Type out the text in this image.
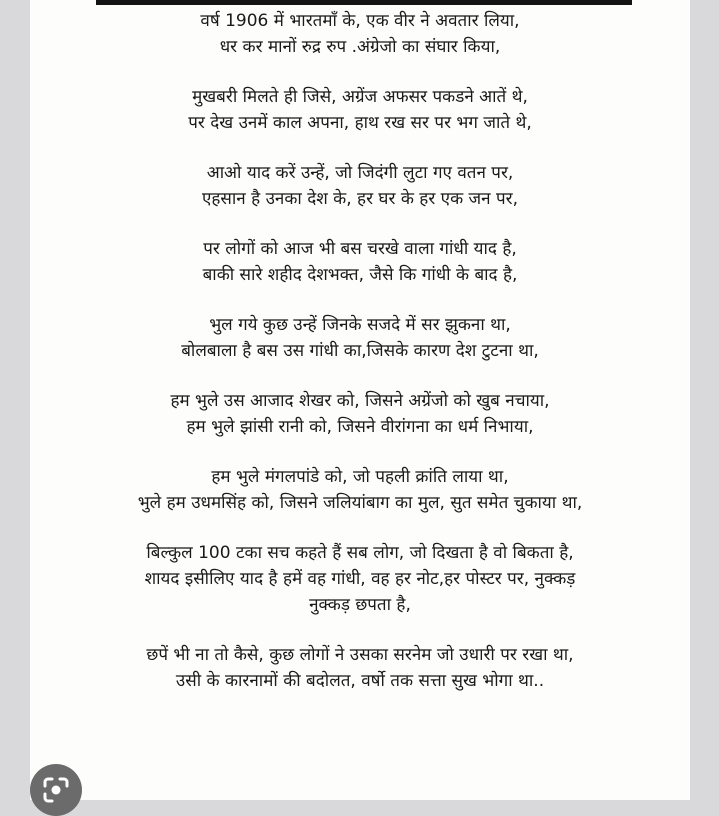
वर्ष 1906 में भारतमाँ के, एक वीर ने अवतार लिया,
धर कर मानों रुद्र रुप .अंग्रेजो का संघार किया,
मुखबरी मिलते ही जिसे, अग्रेंज अफसर पकडने आतें थे,
पर देख उनमें काल अपना, हाथ रख सर पर भग जाते थे,
आओ याद करें उन्हें, जो जिदंगी लुटा गए वतन पर,
एहसान है उनका देश के, हर घर के हर एक जन पर,
पर लोगों को आज भी बस चरखे वाला गांधी याद है,
बाकी सारे शहीद देशभक्त, जैसे कि गांधी के बाद है,
भुल गये कुछ उन्हें जिनके सजदे में सर झुकना था,
बोलबाला है बस उस गांधी का,जिसके कारण देश टुटना था,
हम भुले उस आजाद शेखर को, जिसने अग्रेंजो को खुब नचाया,
हम भुले झांसी रानी को, जिसने वीरांगना का धर्म निभाया,
हम भुले मंगलपांडे को, जो पहली क्रांति लाया था,
भुले हम उधमसिंह को, जिसने जलियांबाग का मुल, सुत समेत चुकाया था,
बिल्कुल 100 टका सच कहते हैं सब लोग, जो दिखता है वो बिकता है,
शायद इसीलिए याद है हमें वह गांधी, वह हर नोट,हर पोस्टर पर, नुक्कड़
नुक्कड़ छपता है,
छपें भी ना तो कैसे, कुछ लोगों ने उसका सरनेम जो उधारी पर रखा था,
उसी के कारनामों की बदोलत, वर्षो तक सत्ता सुख भोगा था..
